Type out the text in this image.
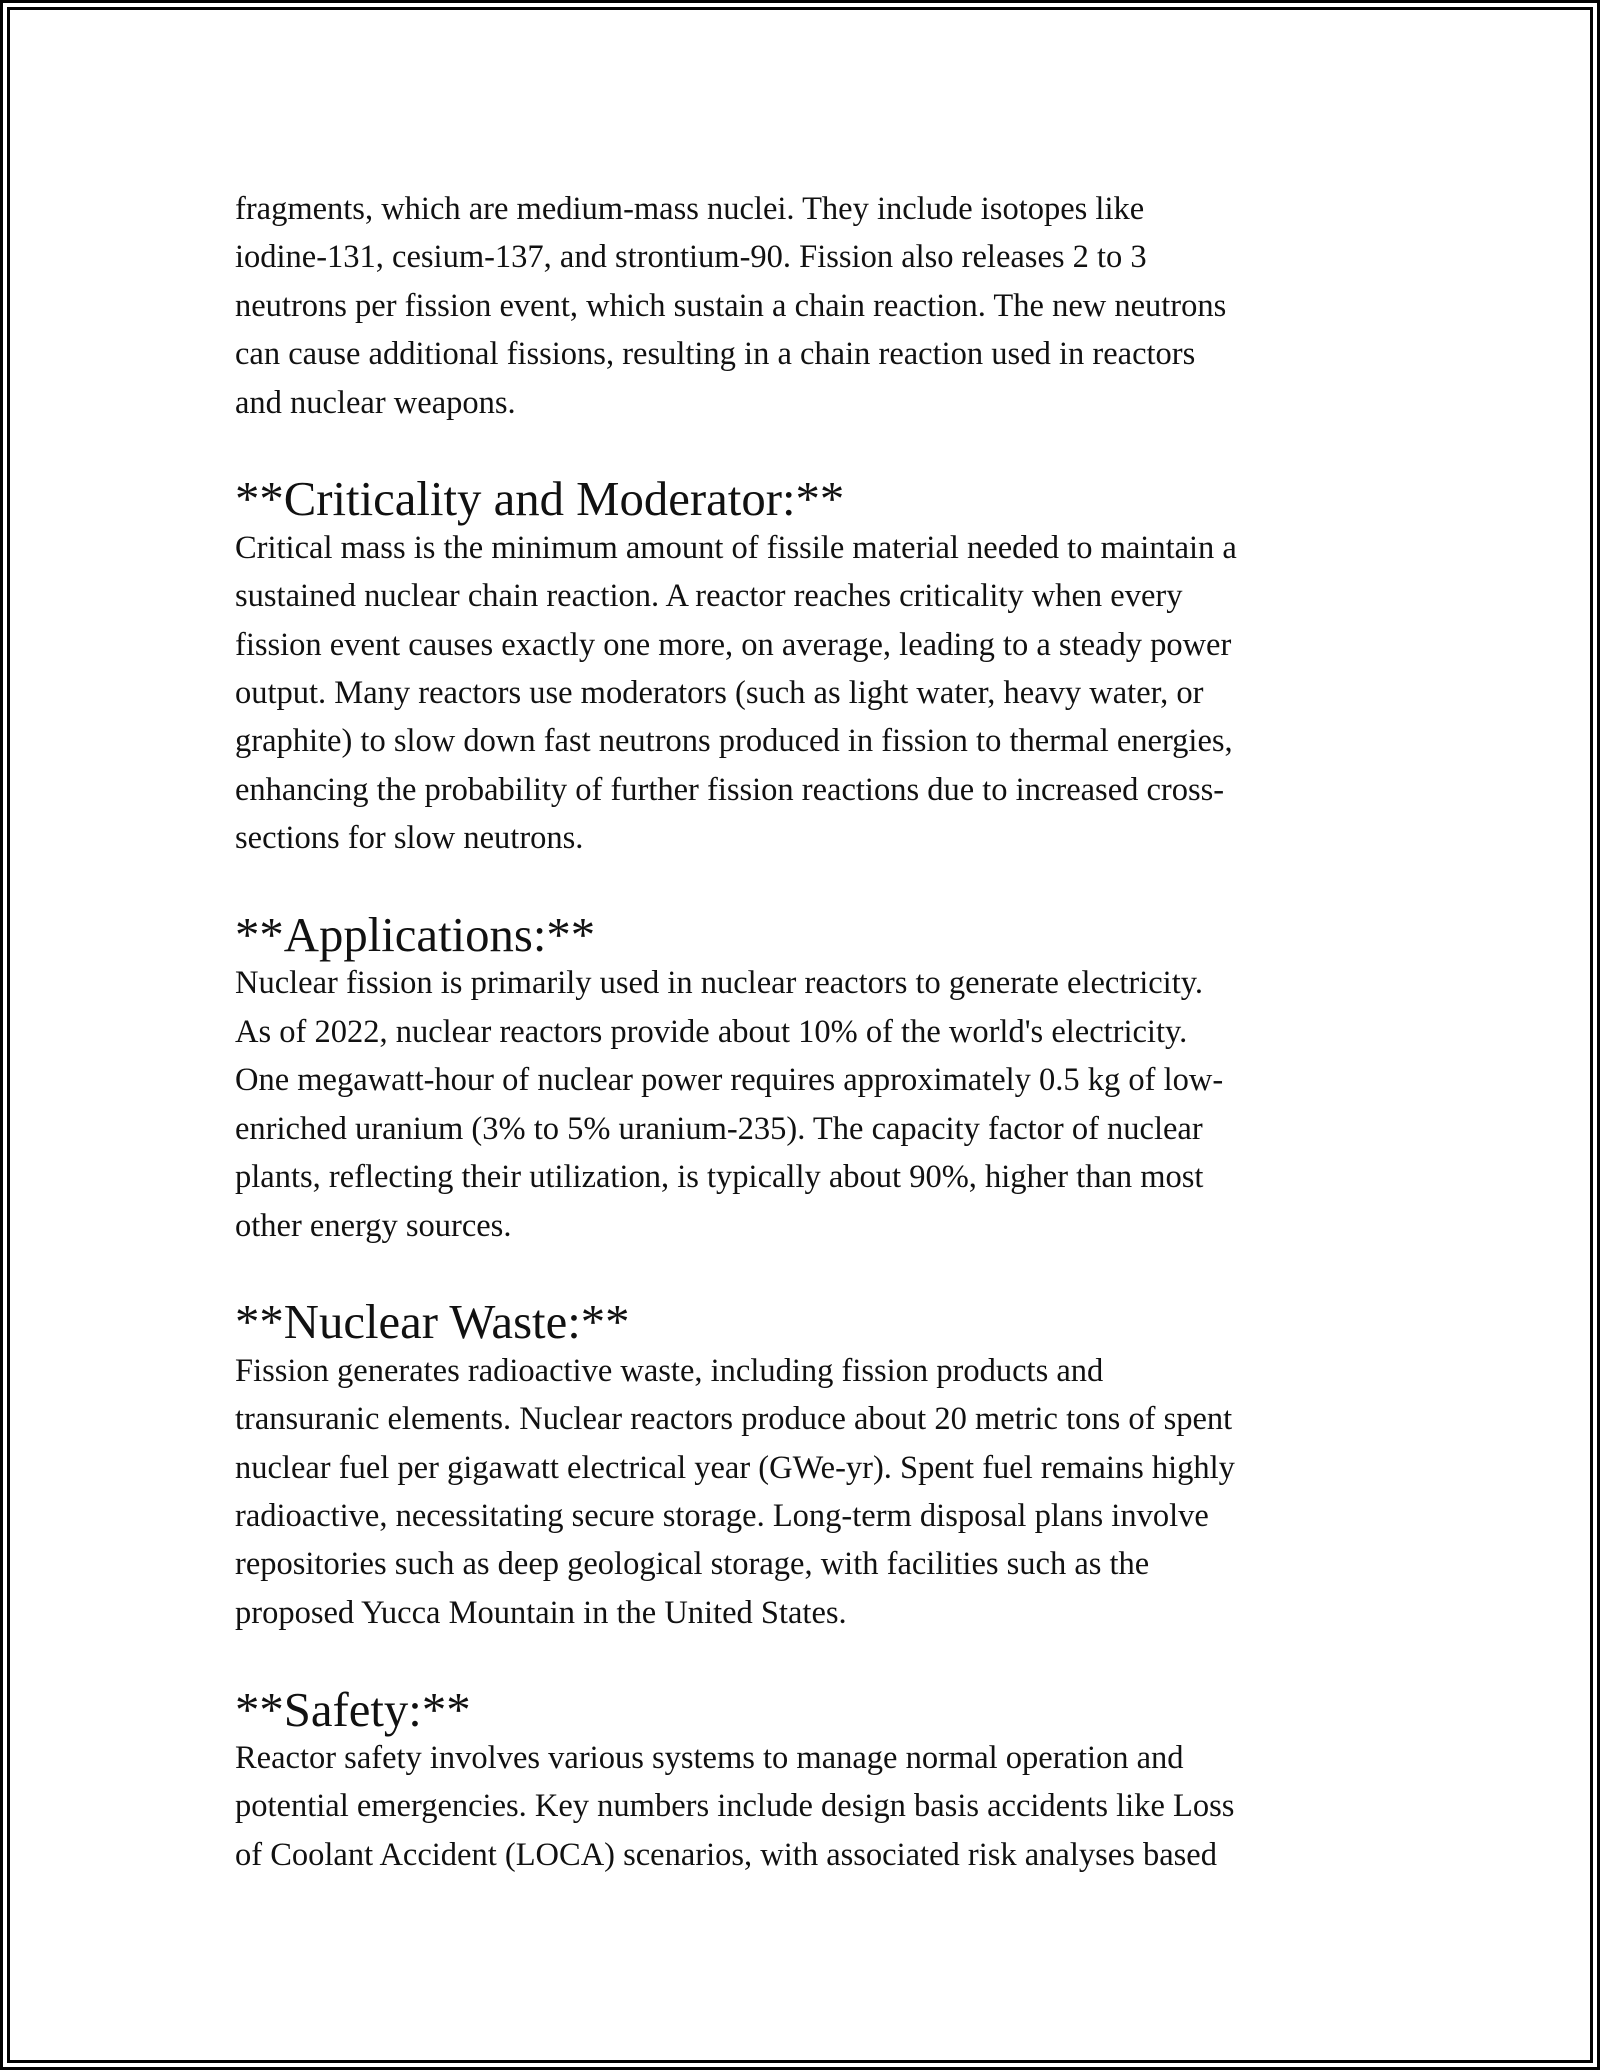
fragments, which are medium-mass nuclei. They include isotopes like
iodine-131, cesium-137, and strontium-90. Fission also releases 2 to 3
neutrons per fission event, which sustain a chain reaction. The new neutrons
can cause additional fissions, resulting in a chain reaction used in reactors
and nuclear weapons.

**Criticality and Moderator:**

Critical mass is the minimum amount of fissile material needed to maintain a
sustained nuclear chain reaction. A reactor reaches criticality when every
fission event causes exactly one more, on average, leading to a steady power
output. Many reactors use moderators (such as light water, heavy water, or
graphite) to slow down fast neutrons produced in fission to thermal energies,
enhancing the probability of further fission reactions due to increased cross-
sections for slow neutrons.

**Applications:**

Nuclear fission is primarily used in nuclear reactors to generate electricity.
As of 2022, nuclear reactors provide about 10% of the world's electricity.
One megawatt-hour of nuclear power requires approximately 0.5 kg of low-
enriched uranium (3% to 5% uranium-235). The capacity factor of nuclear
plants, reflecting their utilization, is typically about 90%, higher than most
other energy sources.

**Nuclear Waste:**

Fission generates radioactive waste, including fission products and
transuranic elements. Nuclear reactors produce about 20 metric tons of spent
nuclear fuel per gigawatt electrical year (GWe-yr). Spent fuel remains highly
radioactive, necessitating secure storage. Long-term disposal plans involve
repositories such as deep geological storage, with facilities such as the
proposed Yucca Mountain in the United States.

**Safety:**

Reactor safety involves various systems to manage normal operation and
potential emergencies. Key numbers include design basis accidents like Loss
of Coolant Accident (LOCA) scenarios, with associated risk analyses based
